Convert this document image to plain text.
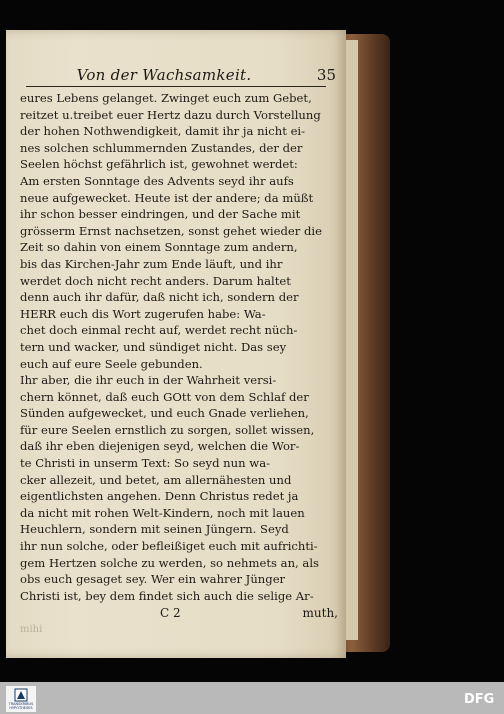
Von der Wachsamkeit.	35
eures Lebens gelanget. Zwinget euch zum Gebet,
reitzet u.treibet euer Hertz dazu durch Vorstellung
der hohen Nothwendigkeit, damit ihr ja nicht ei-
nes solchen schlummernden Zustandes, der der
Seelen höchst gefährlich ist, gewohnet werdet:
Am ersten Sonntage des Advents seyd ihr aufs
neue aufgewecket. Heute ist der andere; da müßt
ihr schon besser eindringen, und der Sache mit
grösserm Ernst nachsetzen, sonst gehet wieder die
Zeit so dahin von einem Sonntage zum andern,
bis das Kirchen-Jahr zum Ende läuft, und ihr
werdet doch nicht recht anders. Darum haltet
denn auch ihr dafür, daß nicht ich, sondern der
HERR euch dis Wort zugerufen habe: Wa-
chet doch einmal recht auf, werdet recht nüch-
tern und wacker, und sündiget nicht. Das sey
euch auf eure Seele gebunden.
Ihr aber, die ihr euch in der Wahrheit versi-
chern könnet, daß euch GOtt von dem Schlaf der
Sünden aufgewecket, und euch Gnade verliehen,
für eure Seelen ernstlich zu sorgen, sollet wissen,
daß ihr eben diejenigen seyd, welchen die Wor-
te Christi in unserm Text: So seyd nun wa-
cker allezeit, und betet, am allernähesten und
eigentlichsten angehen. Denn Christus redet ja
da nicht mit rohen Welt-Kindern, noch mit lauen
Heuchlern, sondern mit seinen Jüngern. Seyd
ihr nun solche, oder befleißiget euch mit aufrichti-
gem Hertzen solche zu werden, so nehmets an, als
obs euch gesaget sey. Wer ein wahrer Jünger
Christi ist, bey dem findet sich auch die selige Ar-
C 2	muth,
mihi
TRANSKRIBUS HYPOTHESES
DFG
